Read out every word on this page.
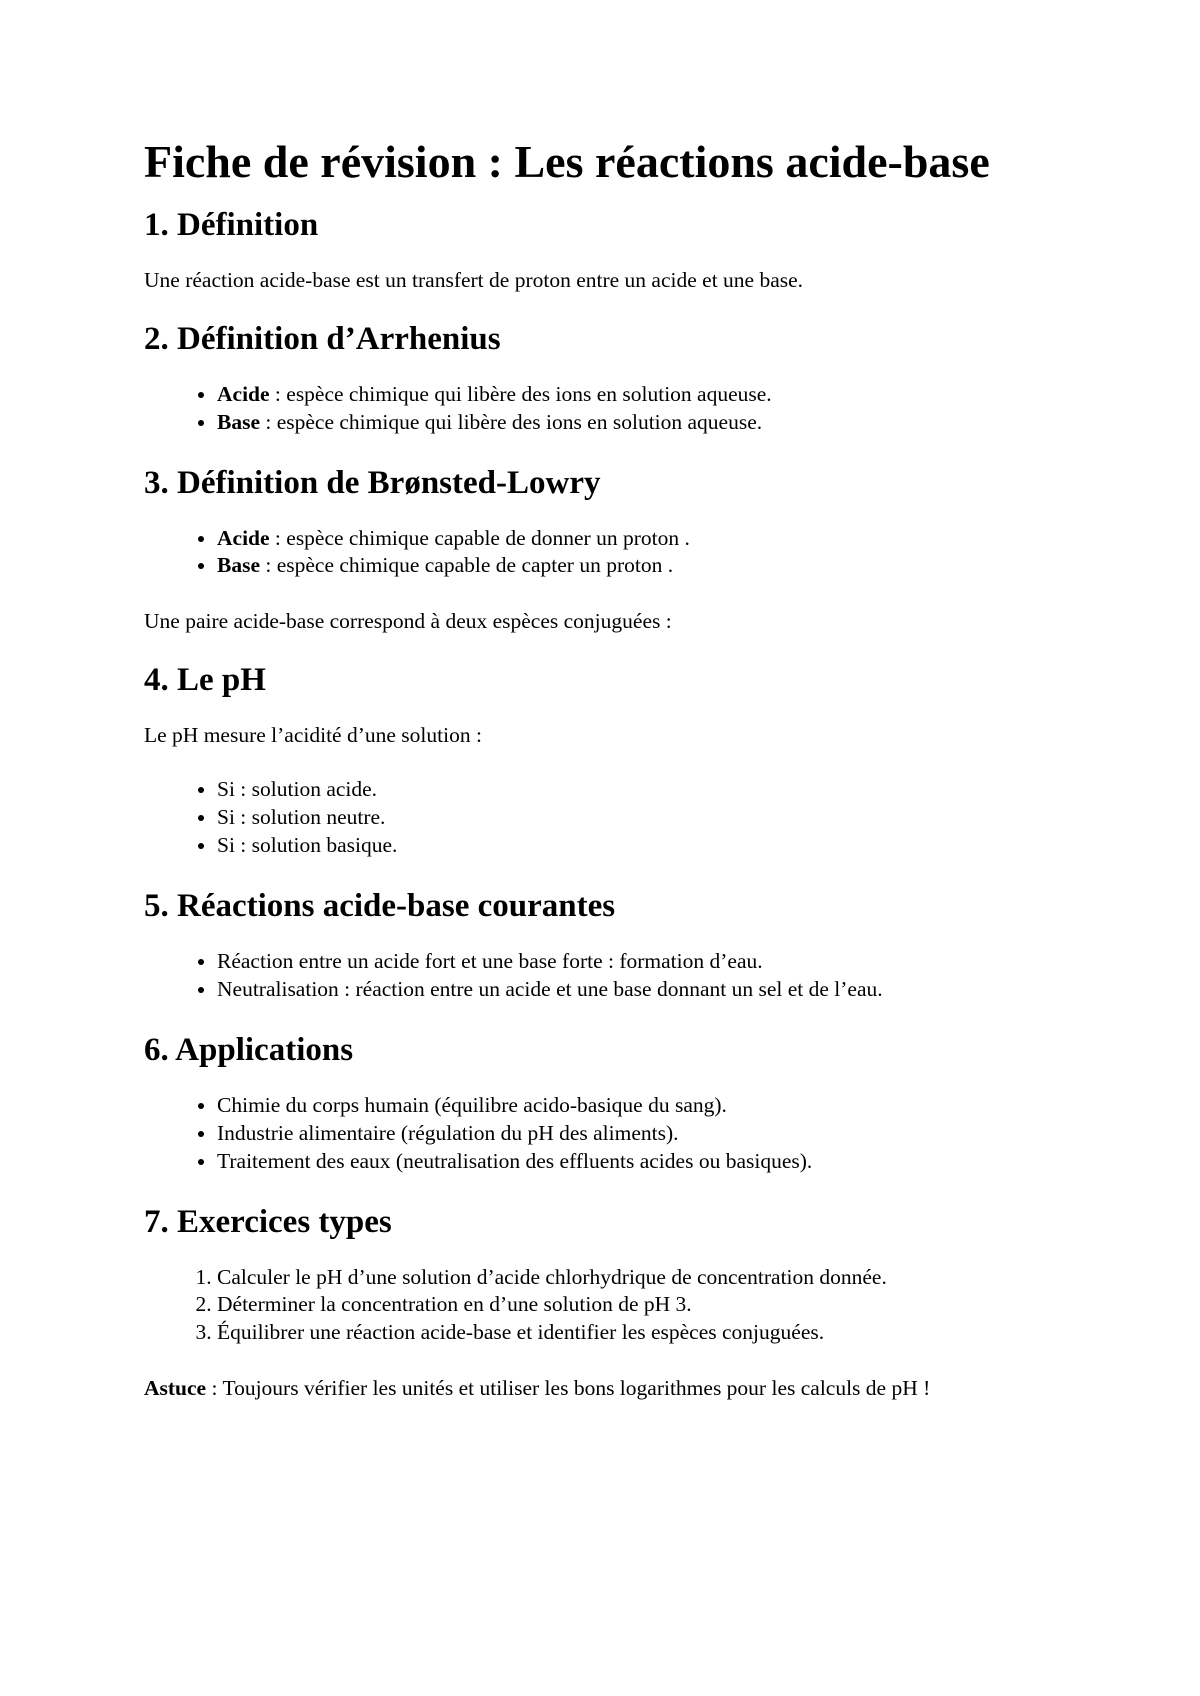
Fiche de révision : Les réactions acide-base
1. Définition

Une réaction acide-base est un transfert de proton entre un acide et une base.

2. Définition d’Arrhenius
• Acide : espèce chimique qui libère des ions en solution aqueuse.
• Base : espèce chimique qui libère des ions en solution aqueuse.
3. Définition de Brønsted-Lowry
• Acide : espèce chimique capable de donner un proton .
• Base : espèce chimique capable de capter un proton .

Une paire acide-base correspond à deux espèces conjuguées :

4. Le pH

Le pH mesure l’acidité d’une solution :

• Si : solution acide.
• Si : solution neutre.
• Si : solution basique.
5. Réactions acide-base courantes
• Réaction entre un acide fort et une base forte : formation d’eau.
• Neutralisation : réaction entre un acide et une base donnant un sel et de l’eau.
6. Applications
• Chimie du corps humain (équilibre acido-basique du sang).
• Industrie alimentaire (régulation du pH des aliments).
• Traitement des eaux (neutralisation des effluents acides ou basiques).
7. Exercices types
1. Calculer le pH d’une solution d’acide chlorhydrique de concentration donnée.
2. Déterminer la concentration en d’une solution de pH 3.
3. Équilibrer une réaction acide-base et identifier les espèces conjuguées.

Astuce : Toujours vérifier les unités et utiliser les bons logarithmes pour les calculs de pH !
